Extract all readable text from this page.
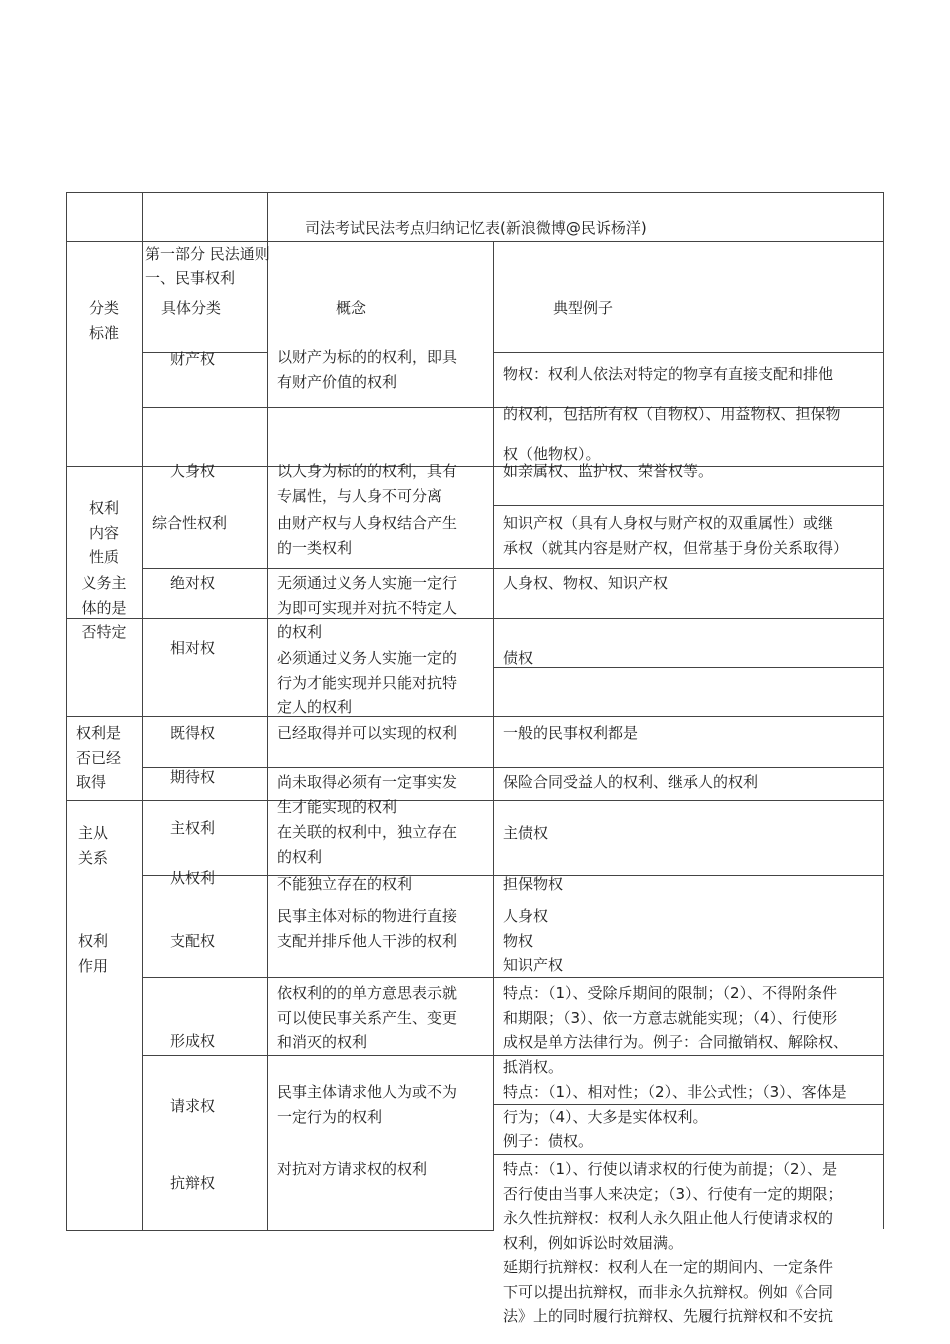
司法考试民法考点归纳记忆表(新浪微博@民诉杨洋)
第一部分 民法通则
一、民事权利
具体分类	概念	典型例子
分类
标准
权利
内容
性质
义务主
体的是
否特定
权利是
否已经
取得
主从
关系
权利
作用
财产权
人身权
综合性权利
绝对权
相对权
既得权
期待权
主权利
从权利
支配权
形成权
请求权
抗辩权
以财产为标的的权利，即具
有财产价值的权利
以人身为标的的权利，具有
专属性，与人身不可分离
由财产权与人身权结合产生
的一类权利
无须通过义务人实施一定行
为即可实现并对抗不特定人
的权利
必须通过义务人实施一定的
行为才能实现并只能对抗特
定人的权利
已经取得并可以实现的权利
尚未取得必须有一定事实发
生才能实现的权利
在关联的权利中，独立存在
的权利
不能独立存在的权利
民事主体对标的物进行直接
支配并排斥他人干涉的权利
依权利的的单方意思表示就
可以使民事关系产生、变更
和消灭的权利
民事主体请求他人为或不为
一定行为的权利
对抗对方请求权的权利
物权：权利人依法对特定的物享有直接支配和排他
的权利，包括所有权（自物权）、用益物权、担保物
权（他物权）。
如亲属权、监护权、荣誉权等。
知识产权（具有人身权与财产权的双重属性）或继
承权（就其内容是财产权，但常基于身份关系取得）
人身权、物权、知识产权
债权
一般的民事权利都是
保险合同受益人的权利、继承人的权利
主债权
担保物权
人身权
物权
知识产权
特点：（1）、受除斥期间的限制；（2）、不得附条件
和期限；（3）、依一方意志就能实现；（4）、行使形
成权是单方法律行为。例子：合同撤销权、解除权、
抵消权。
特点：（1）、相对性；（2）、非公式性；（3）、客体是
行为；（4）、大多是实体权利。
例子：债权。
特点：（1）、行使以请求权的行使为前提；（2）、是
否行使由当事人来决定；（3）、行使有一定的期限；
永久性抗辩权：权利人永久阻止他人行使请求权的
权利，例如诉讼时效届满。
延期行抗辩权：权利人在一定的期间内、一定条件
下可以提出抗辩权，而非永久抗辩权。例如《合同
法》上的同时履行抗辩权、先履行抗辩权和不安抗
